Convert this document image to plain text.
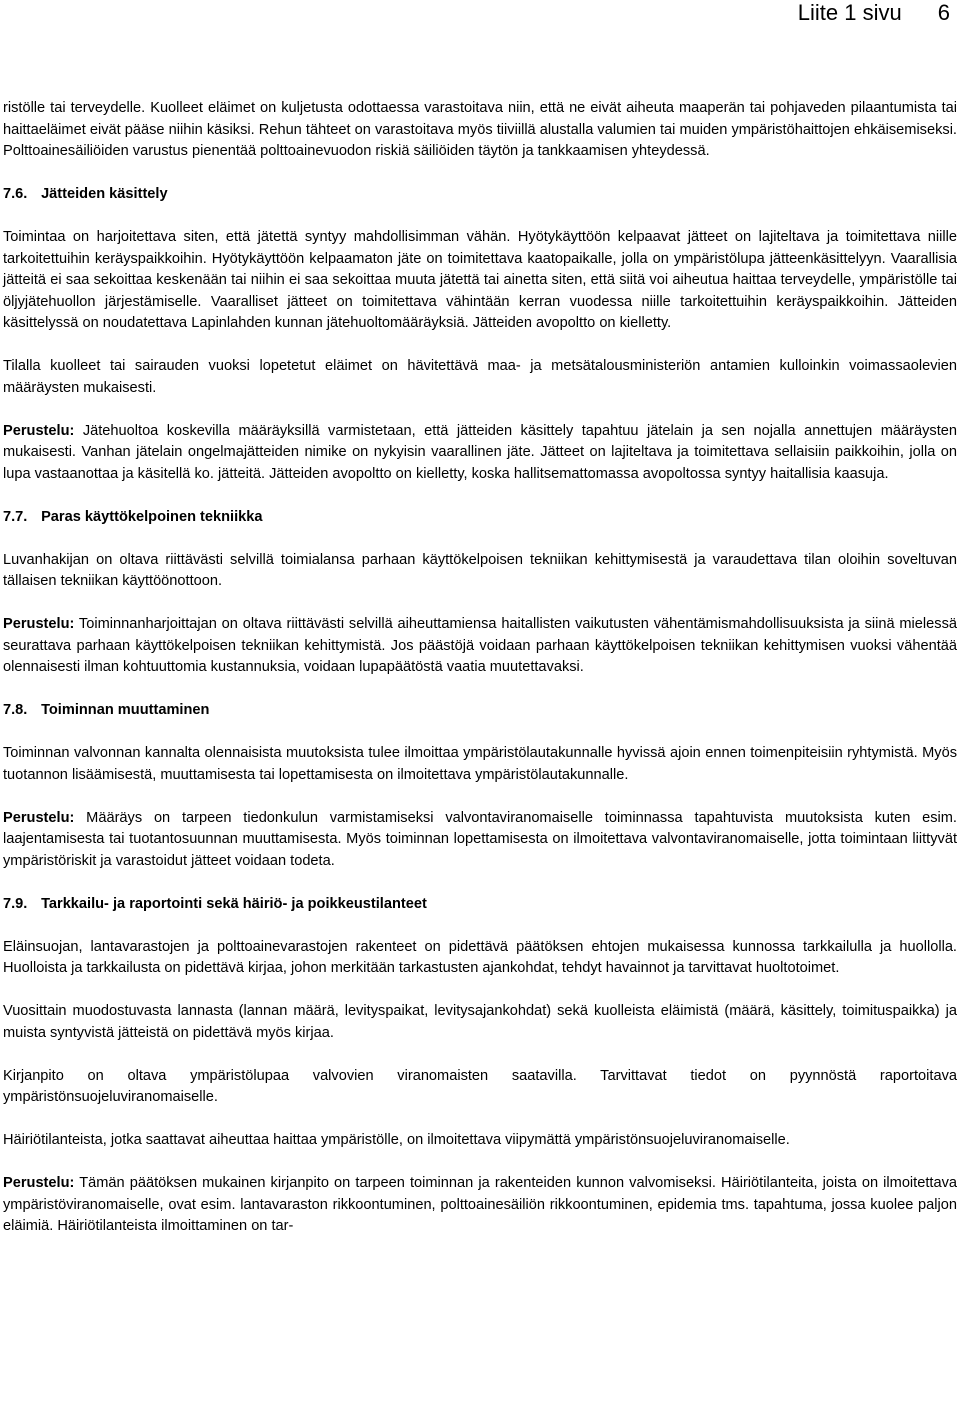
Liite 1 sivu 6

ristölle tai terveydelle. Kuolleet eläimet on kuljetusta odottaessa varastoitava niin, että ne eivät aiheuta maaperän tai pohjaveden pilaantumista tai haittaeläimet eivät pääse niihin käsiksi. Rehun tähteet on varastoitava myös tiiviillä alustalla valumien tai muiden ympäristöhaittojen ehkäisemiseksi. Polttoainesäiliöiden varustus pienentää polttoainevuodon riskiä säiliöiden täytön ja tankkaamisen yhteydessä.

7.6. Jätteiden käsittely

Toimintaa on harjoitettava siten, että jätettä syntyy mahdollisimman vähän. Hyötykäyttöön kelpaavat jätteet on lajiteltava ja toimitettava niille tarkoitettuihin keräyspaikkoihin. Hyötykäyttöön kelpaamaton jäte on toimitettava kaatopaikalle, jolla on ympäristölupa jätteenkäsittelyyn. Vaarallisia jätteitä ei saa sekoittaa keskenään tai niihin ei saa sekoittaa muuta jätettä tai ainetta siten, että siitä voi aiheutua haittaa terveydelle, ympäristölle tai öljyjätehuollon järjestämiselle. Vaaralliset jätteet on toimitettava vähintään kerran vuodessa niille tarkoitettuihin keräyspaikkoihin. Jätteiden käsittelyssä on noudatettava Lapinlahden kunnan jätehuoltomääräyksiä. Jätteiden avopoltto on kielletty.

Tilalla kuolleet tai sairauden vuoksi lopetetut eläimet on hävitettävä maa- ja metsätalousministeriön antamien kulloinkin voimassaolevien määräysten mukaisesti.

Perustelu: Jätehuoltoa koskevilla määräyksillä varmistetaan, että jätteiden käsittely tapahtuu jätelain ja sen nojalla annettujen määräysten mukaisesti. Vanhan jätelain ongelmajätteiden nimike on nykyisin vaarallinen jäte. Jätteet on lajiteltava ja toimitettava sellaisiin paikkoihin, jolla on lupa vastaanottaa ja käsitellä ko. jätteitä. Jätteiden avopoltto on kielletty, koska hallitsemattomassa avopoltossa syntyy haitallisia kaasuja.

7.7. Paras käyttökelpoinen tekniikka

Luvanhakijan on oltava riittävästi selvillä toimialansa parhaan käyttökelpoisen tekniikan kehittymisestä ja varaudettava tilan oloihin soveltuvan tällaisen tekniikan käyttöönottoon.

Perustelu: Toiminnanharjoittajan on oltava riittävästi selvillä aiheuttamiensa haitallisten vaikutusten vähentämismahdollisuuksista ja siinä mielessä seurattava parhaan käyttökelpoisen tekniikan kehittymistä. Jos päästöjä voidaan parhaan käyttökelpoisen tekniikan kehittymisen vuoksi vähentää olennaisesti ilman kohtuuttomia kustannuksia, voidaan lupapäätöstä vaatia muutettavaksi.

7.8. Toiminnan muuttaminen

Toiminnan valvonnan kannalta olennaisista muutoksista tulee ilmoittaa ympäristölautakunnalle hyvissä ajoin ennen toimenpiteisiin ryhtymistä. Myös tuotannon lisäämisestä, muuttamisesta tai lopettamisesta on ilmoitettava ympäristölautakunnalle.

Perustelu: Määräys on tarpeen tiedonkulun varmistamiseksi valvontaviranomaiselle toiminnassa tapahtuvista muutoksista kuten esim. laajentamisesta tai tuotantosuunnan muuttamisesta. Myös toiminnan lopettamisesta on ilmoitettava valvontaviranomaiselle, jotta toimintaan liittyvät ympäristöriskit ja varastoidut jätteet voidaan todeta.

7.9. Tarkkailu- ja raportointi sekä häiriö- ja poikkeustilanteet

Eläinsuojan, lantavarastojen ja polttoainevarastojen rakenteet on pidettävä päätöksen ehtojen mukaisessa kunnossa tarkkailulla ja huollolla. Huolloista ja tarkkailusta on pidettävä kirjaa, johon merkitään tarkastusten ajankohdat, tehdyt havainnot ja tarvittavat huoltotoimet.

Vuosittain muodostuvasta lannasta (lannan määrä, levityspaikat, levitysajankohdat) sekä kuolleista eläimistä (määrä, käsittely, toimituspaikka) ja muista syntyvistä jätteistä on pidettävä myös kirjaa.

Kirjanpito on oltava ympäristölupaa valvovien viranomaisten saatavilla. Tarvittavat tiedot on pyynnöstä raportoitava ympäristönsuojeluviranomaiselle.

Häiriötilanteista, jotka saattavat aiheuttaa haittaa ympäristölle, on ilmoitettava viipymättä ympäristönsuojeluviranomaiselle.

Perustelu: Tämän päätöksen mukainen kirjanpito on tarpeen toiminnan ja rakenteiden kunnon valvomiseksi. Häiriötilanteita, joista on ilmoitettava ympäristöviranomaiselle, ovat esim. lantavaraston rikkoontuminen, polttoainesäiliön rikkoontuminen, epidemia tms. tapahtuma, jossa kuolee paljon eläimiä. Häiriötilanteista ilmoittaminen on tar-
